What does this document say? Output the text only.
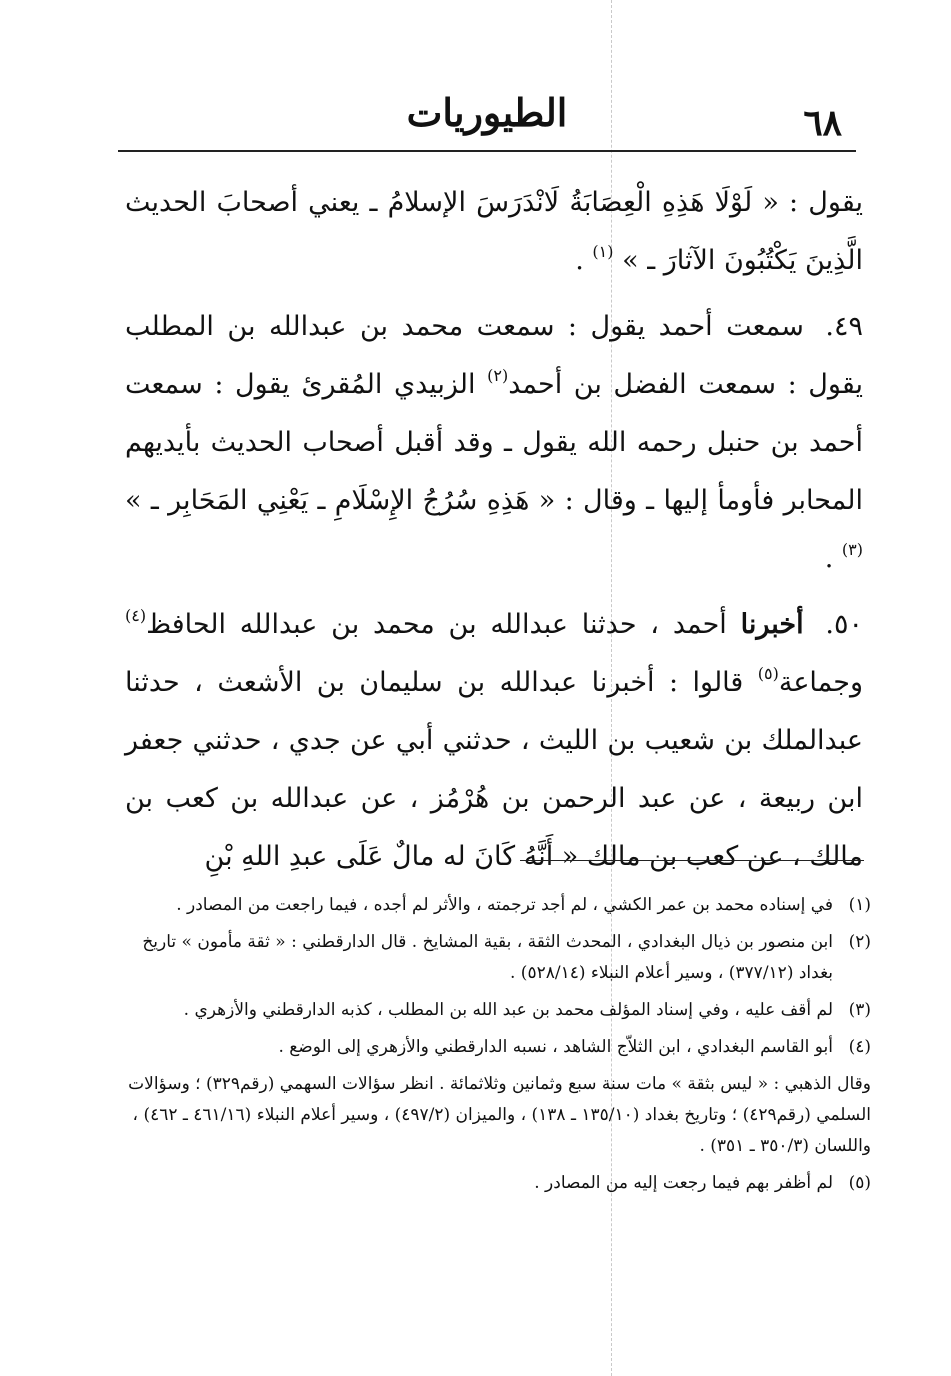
الطيوريات	٦٨

يقول : « لَوْلَا هَذِهِ الْعِصَابَةُ لَانْدَرَسَ الإسلامُ ـ يعني أصحابَ الحديث الَّذِينَ يَكْتُبُونَ الآثارَ ـ » $^{(١)}$ .

٤٩. سمعت أحمد يقول : سمعت محمد بن عبدالله بن المطلب يقول : سمعت الفضل بن أحمد$^{(٢)}$ الزبيدي المُقرئ يقول : سمعت أحمد بن حنبل رحمه الله يقول ـ وقد أقبل أصحاب الحديث بأيديهم المحابر فأومأ إليها ـ وقال : « هَذِهِ سُرُجُ الإِسْلَامِ ـ يَعْنِي المَحَابِر ـ » $^{(٣)}$ .

٥٠. أخبرنا أحمد ، حدثنا عبدالله بن محمد بن عبدالله الحافظ$^{(٤)}$ وجماعة$^{(٥)}$ قالوا : أخبرنا عبدالله بن سليمان بن الأشعث ، حدثنا عبدالملك بن شعيب بن الليث ، حدثني أبي عن جدي ، حدثني جعفر ابن ربيعة ، عن عبد الرحمن بن هُرْمُز ، عن عبدالله بن كعب بن مالك ، عن كعب بن مالك « أَنَّهُ كَانَ له مالٌ عَلَى عبدِ اللهِ بْنِ

(١)
في إسناده محمد بن عمر الكشي ، لم أجد ترجمته ، والأثر لم أجده ، فيما راجعت من المصادر .
(٢)
ابن منصور بن ذيال البغدادي ، المحدث الثقة ، بقية المشايخ . قال الدارقطني : « ثقة مأمون » تاريخ بغداد (٣٧٧/١٢) ، وسير أعلام النبلاء (٥٢٨/١٤) .
(٣)
لم أقف عليه ، وفي إسناد المؤلف محمد بن عبد الله بن المطلب ، كذبه الدارقطني والأزهري .
(٤)
أبو القاسم البغدادي ، ابن الثلاّج الشاهد ، نسبه الدارقطني والأزهري إلى الوضع .
وقال الذهبي : « ليس بثقة » مات سنة سبع وثمانين وثلاثمائة . انظر سؤالات السهمي (رقم٣٢٩) ؛ وسؤالات السلمي (رقم٤٢٩) ؛ وتاريخ بغداد (١٣٥/١٠ ـ ١٣٨) ، والميزان (٤٩٧/٢) ، وسير أعلام النبلاء (٤٦١/١٦ ـ ٤٦٢) ، واللسان (٣٥٠/٣ ـ ٣٥١) .
(٥)
لم أظفر بهم فيما رجعت إليه من المصادر .
